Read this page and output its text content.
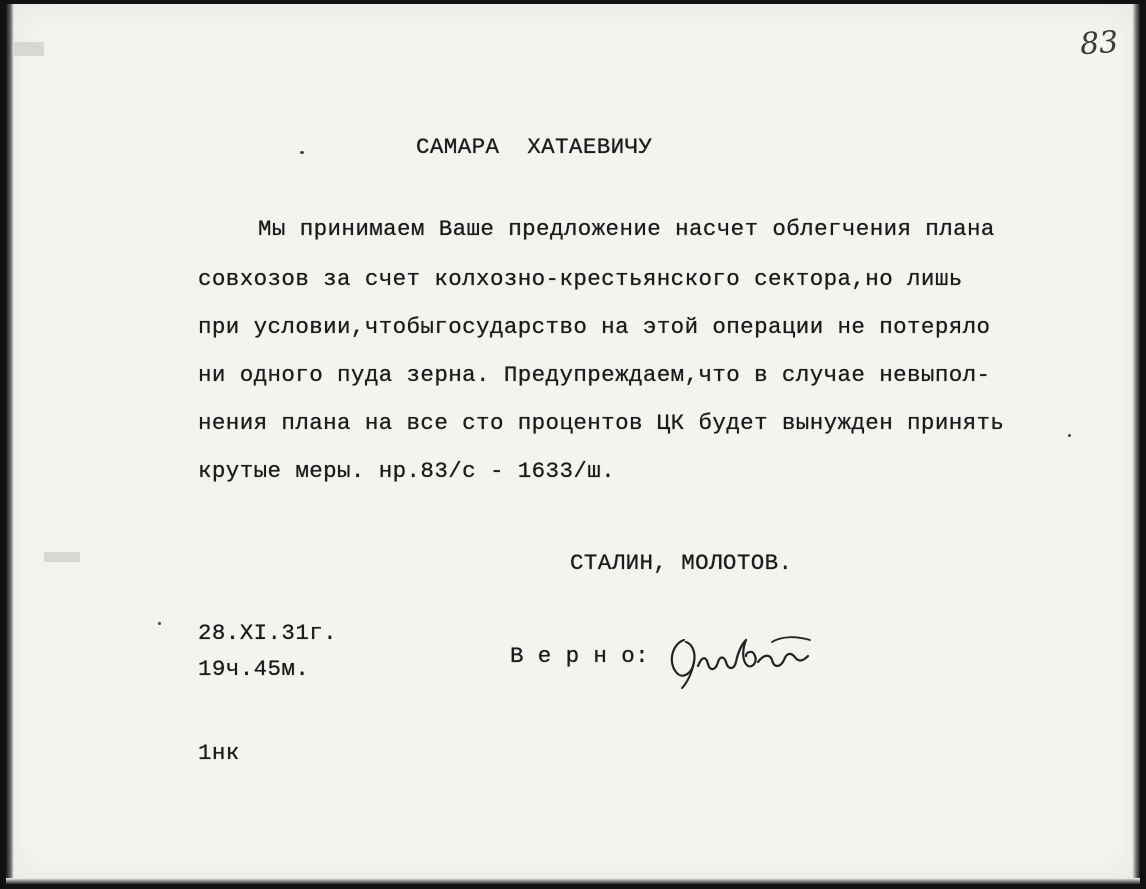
83
САМАРА  ХАТАЕВИЧУ
Мы принимаем Ваше предложение насчет облегчения плана
совхозов за счет колхозно-крестьянского сектора,но лишь
при условии,чтобыгосударство на этой операции не потеряло
ни одного пуда зерна. Предупреждаем,что в случае невыпол-
нения плана на все сто процентов ЦК будет вынужден принять
крутые меры. нр.83/с - 1633/ш.
СТАЛИН, МОЛОТОВ.
28.XI.31г.
19ч.45м.	В е р н о:
1нк
